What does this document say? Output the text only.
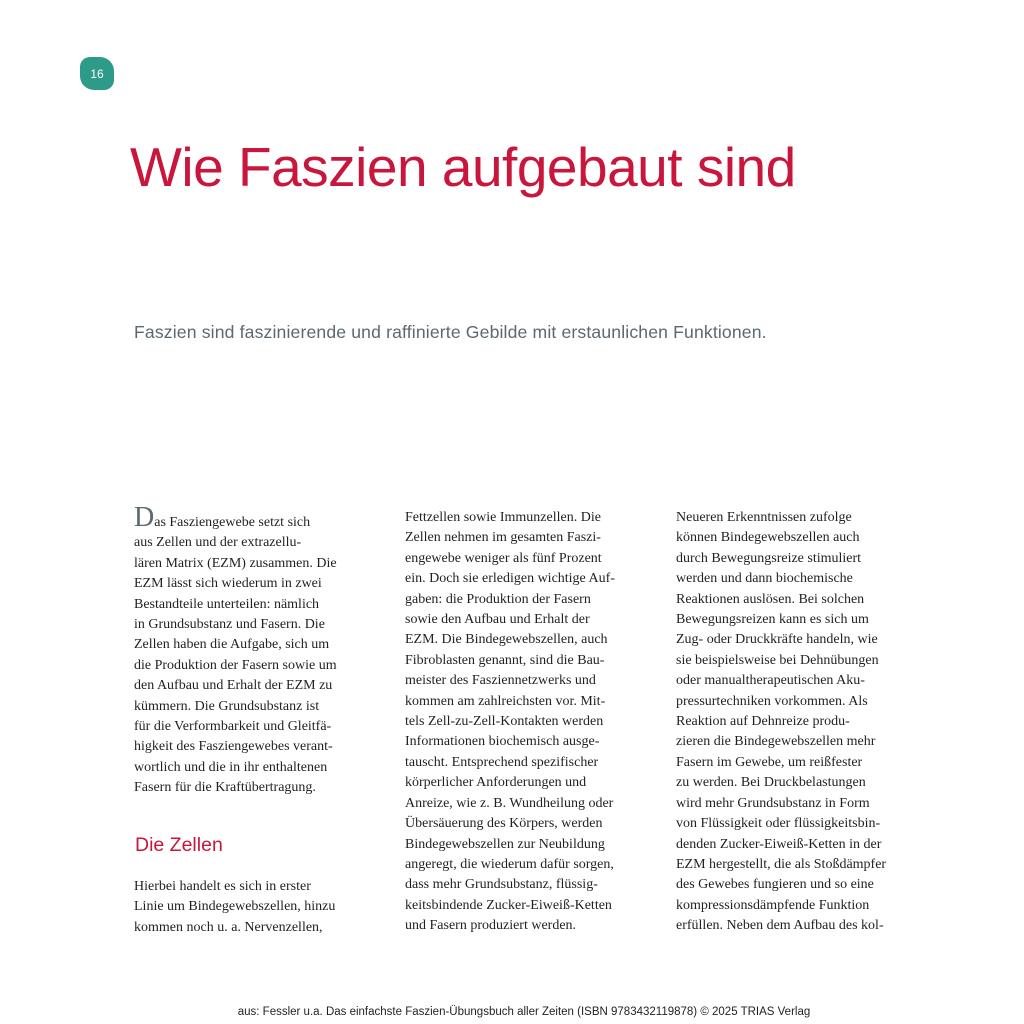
16
Wie Faszien aufgebaut sind

Faszien sind faszinierende und raffinierte Gebilde mit erstaunlichen Funktionen.

Das Fasziengewebe setzt sich
aus Zellen und der extrazellu-
lären Matrix (EZM) zusammen. Die
EZM lässt sich wiederum in zwei
Bestandteile unterteilen: nämlich
in Grundsubstanz und Fasern. Die
Zellen haben die Aufgabe, sich um
die Produktion der Fasern sowie um
den Aufbau und Erhalt der EZM zu
kümmern. Die Grundsubstanz ist
für die Verformbarkeit und Gleitfä-
higkeit des Fasziengewebes verant-
wortlich und die in ihr enthaltenen
Fasern für die Kraftübertragung.
Die Zellen
Hierbei handelt es sich in erster
Linie um Bindegewebszellen, hinzu
kommen noch u. a. Nervenzellen,
Fettzellen sowie Immunzellen. Die
Zellen nehmen im gesamten Faszi-
engewebe weniger als fünf Prozent
ein. Doch sie erledigen wichtige Auf-
gaben: die Produktion der Fasern
sowie den Aufbau und Erhalt der
EZM. Die Bindegewebszellen, auch
Fibroblasten genannt, sind die Bau-
meister des Fasziennetzwerks und
kommen am zahlreichsten vor. Mit-
tels Zell-zu-Zell-Kontakten werden
Informationen biochemisch ausge-
tauscht. Entsprechend spezifischer
körperlicher Anforderungen und
Anreize, wie z. B. Wundheilung oder
Übersäuerung des Körpers, werden
Bindegewebszellen zur Neubildung
angeregt, die wiederum dafür sorgen,
dass mehr Grundsubstanz, flüssig-
keitsbindende Zucker-Eiweiß-Ketten
und Fasern produziert werden.
Neueren Erkenntnissen zufolge
können Bindegewebszellen auch
durch Bewegungsreize stimuliert
werden und dann biochemische
Reaktionen auslösen. Bei solchen
Bewegungsreizen kann es sich um
Zug- oder Druckkräfte handeln, wie
sie beispielsweise bei Dehnübungen
oder manualtherapeutischen Aku-
pressurtechniken vorkommen. Als
Reaktion auf Dehnreize produ-
zieren die Bindegewebszellen mehr
Fasern im Gewebe, um reißfester
zu werden. Bei Druckbelastungen
wird mehr Grundsubstanz in Form
von Flüssigkeit oder flüssigkeitsbin-
denden Zucker-Eiweiß-Ketten in der
EZM hergestellt, die als Stoßdämpfer
des Gewebes fungieren und so eine
kompressionsdämpfende Funktion
erfüllen. Neben dem Aufbau des kol-
aus: Fessler u.a. Das einfachste Faszien-Übungsbuch aller Zeiten (ISBN 9783432119878) © 2025 TRIAS Verlag
